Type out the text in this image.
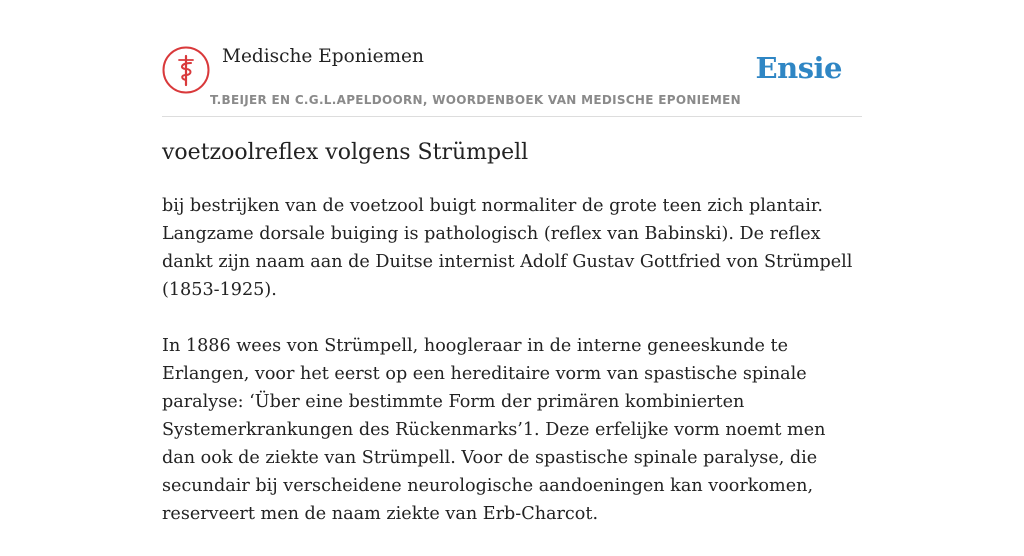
Medische Eponiemen
T.BEIJER EN C.G.L.APELDOORN, WOORDENBOEK VAN MEDISCHE EPONIEMEN
Ensie
voetzoolreflex volgens Strümpell

bij bestrijken van de voetzool buigt normaliter de grote teen zich plantair. Langzame dorsale buiging is pathologisch (reflex van Babinski). De reflex dankt zijn naam aan de Duitse internist Adolf Gustav Gottfried von Strümpell (1853-1925).

In 1886 wees von Strümpell, hoogleraar in de interne geneeskunde te Erlangen, voor het eerst op een hereditaire vorm van spastische spinale paralyse: ‘Über eine bestimmte Form der primären kombinierten Systemerkrankungen des Rückenmarks’1. Deze erfelijke vorm noemt men dan ook de ziekte van Strümpell. Voor de spastische spinale paralyse, die secundair bij verscheidene neurologische aandoeningen kan voorkomen, reserveert men de naam ziekte van Erb-Charcot.
